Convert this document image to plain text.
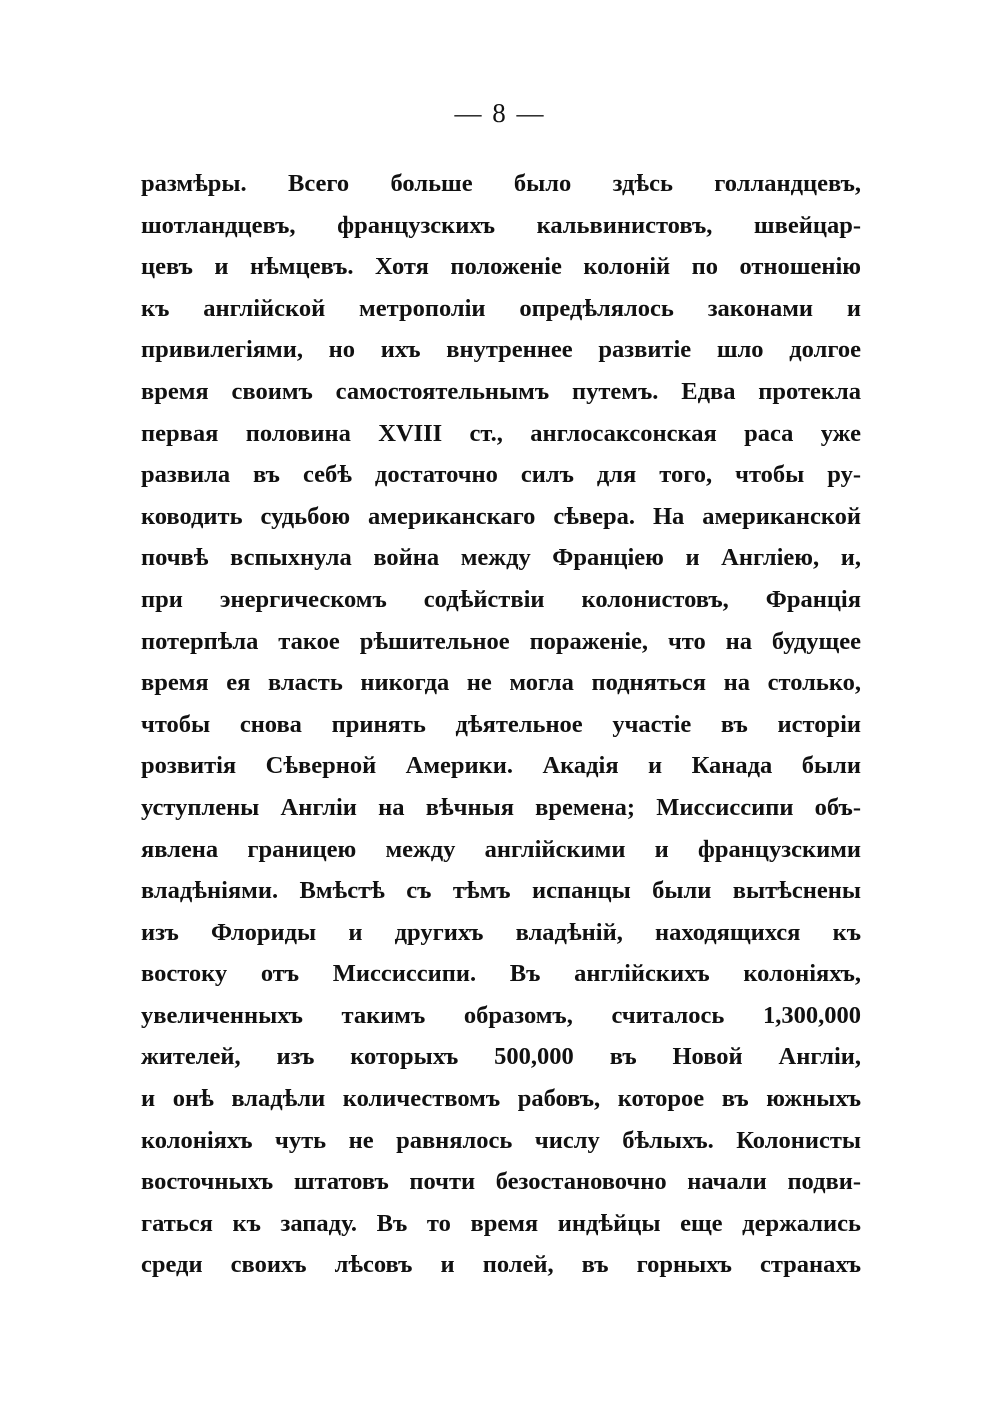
— 8 —
размѣры. Всего больше было здѣсь голландцевъ,
шотландцевъ, французскихъ кальвинистовъ, швейцар-
цевъ и нѣмцевъ. Хотя положеніе колоній по отношенію
къ англійской метрополіи опредѣлялось законами и
привилегіями, но ихъ внутреннее развитіе шло долгое
время своимъ самостоятельнымъ путемъ. Едва протекла
первая половина XVIII ст., англосаксонская раса уже
развила въ себѣ достаточно силъ для того, чтобы ру-
ководить судьбою американскаго сѣвера. На американской
почвѣ вспыхнула война между Франціею и Англіею, и,
при энергическомъ содѣйствіи колонистовъ, Франція
потерпѣла такое рѣшительное пораженіе, что на будущее
время ея власть никогда не могла подняться на столько,
чтобы снова принять дѣятельное участіе въ исторіи
розвитія Сѣверной Америки. Акадія и Канада были
уступлены Англіи на вѣчныя времена; Миссиссипи объ-
явлена границею между англійскими и французскими
владѣніями. Вмѣстѣ съ тѣмъ испанцы были вытѣснены
изъ Флориды и другихъ владѣній, находящихся къ
востоку отъ Миссиссипи. Въ англійскихъ колоніяхъ,
увеличенныхъ такимъ образомъ, считалось 1,300,000
жителей, изъ которыхъ 500,000 въ Новой Англіи,
и онѣ владѣли количествомъ рабовъ, которое въ южныхъ
колоніяхъ чуть не равнялось числу бѣлыхъ. Колонисты
восточныхъ штатовъ почти безостановочно начали подви-
гаться къ западу. Въ то время индѣйцы еще держались
среди своихъ лѣсовъ и полей, въ горныхъ странахъ
